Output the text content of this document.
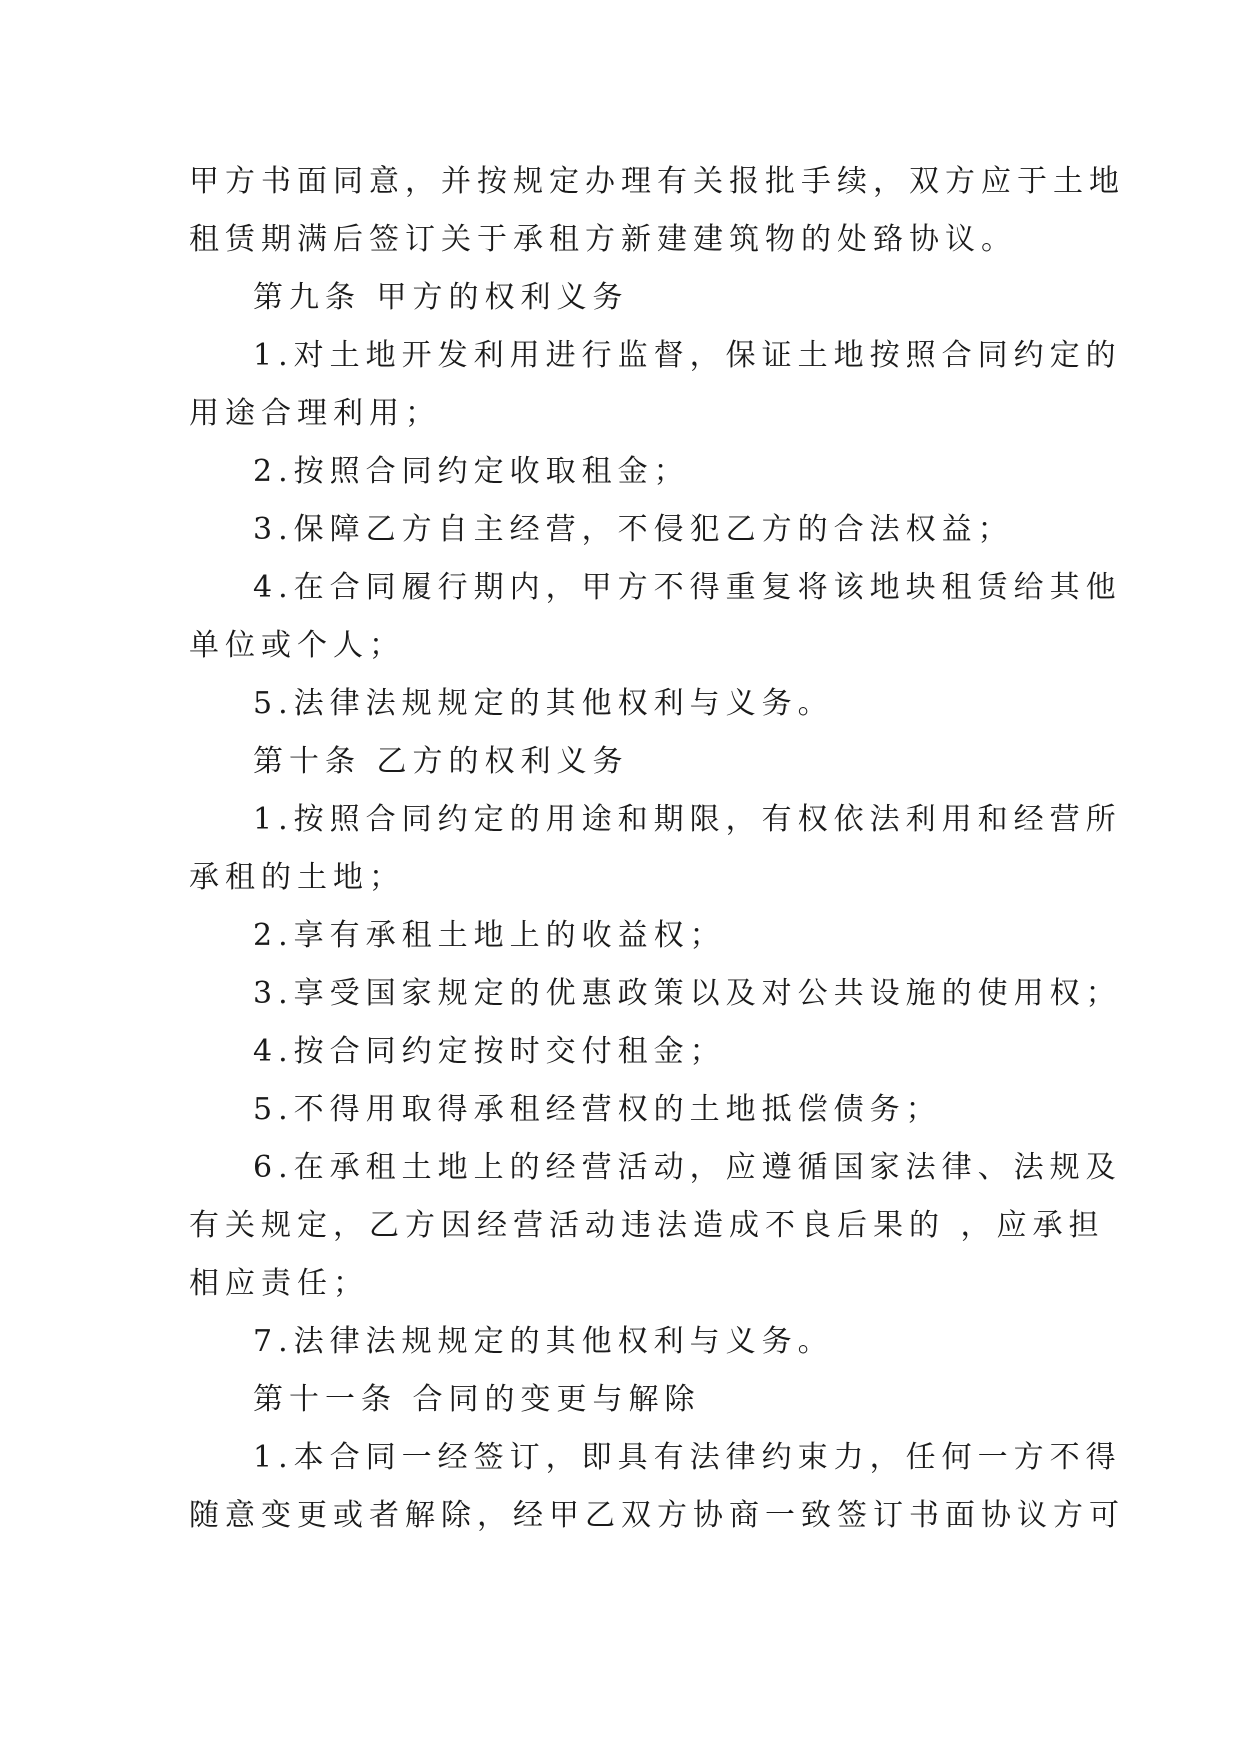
甲方书面同意，并按规定办理有关报批手续，双方应于土地
租赁期满后签订关于承租方新建建筑物的处臵协议。
第九条 甲方的权利义务
1.对土地开发利用进行监督，保证土地按照合同约定的
用途合理利用；
2.按照合同约定收取租金；
3.保障乙方自主经营，不侵犯乙方的合法权益；
4.在合同履行期内，甲方不得重复将该地块租赁给其他
单位或个人；
5.法律法规规定的其他权利与义务。
第十条 乙方的权利义务
1.按照合同约定的用途和期限，有权依法利用和经营所
承租的土地；
2.享有承租土地上的收益权；
3.享受国家规定的优惠政策以及对公共设施的使用权；
4.按合同约定按时交付租金；
5.不得用取得承租经营权的土地抵偿债务；
6.在承租土地上的经营活动，应遵循国家法律、法规及
有关规定，乙方因经营活动违法造成不良后果的 ，应承担
相应责任；
7.法律法规规定的其他权利与义务。
第十一条 合同的变更与解除
1.本合同一经签订，即具有法律约束力，任何一方不得
随意变更或者解除，经甲乙双方协商一致签订书面协议方可
